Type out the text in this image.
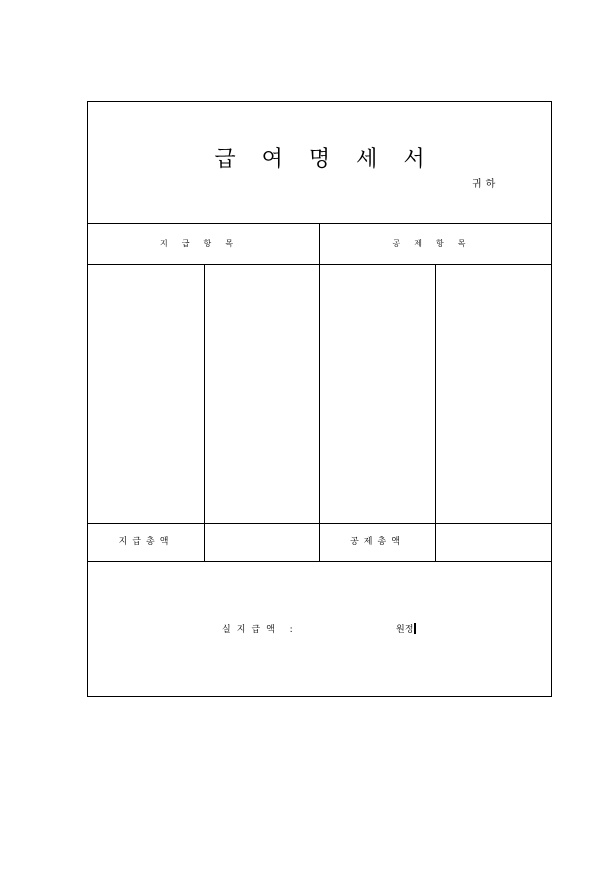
급여명세서
귀하
지급항목	공제항목
지급총액	공제총액
실지급액 :	원정
